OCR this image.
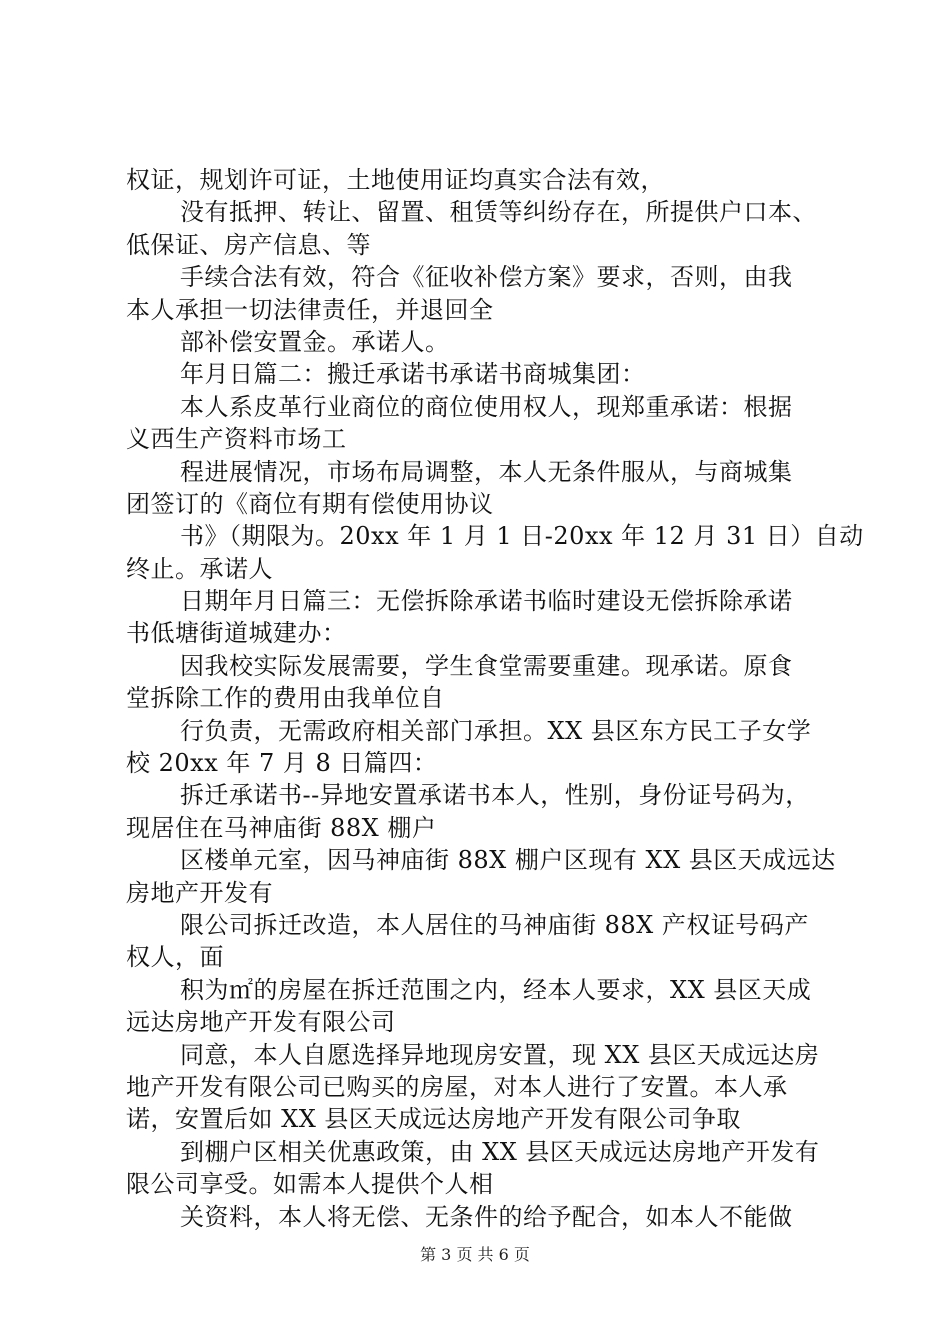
权证，规划许可证，土地使用证均真实合法有效，
没有抵押、转让、留置、租赁等纠纷存在，所提供户口本、
低保证、房产信息、等
手续合法有效，符合《征收补偿方案》要求，否则，由我
本人承担一切法律责任，并退回全
部补偿安置金。承诺人。
年月日篇二：搬迁承诺书承诺书商城集团：
本人系皮革行业商位的商位使用权人，现郑重承诺：根据
义西生产资料市场工
程进展情况，市场布局调整，本人无条件服从，与商城集
团签订的《商位有期有偿使用协议
书》（期限为。20xx 年 1 月 1 日-20xx 年 12 月 31 日）自动
终止。承诺人
日期年月日篇三：无偿拆除承诺书临时建设无偿拆除承诺
书低塘街道城建办：
因我校实际发展需要，学生食堂需要重建。现承诺。原食
堂拆除工作的费用由我单位自
行负责，无需政府相关部门承担。XX 县区东方民工子女学
校 20xx 年 7 月 8 日篇四：
拆迁承诺书--异地安置承诺书本人，性别，身份证号码为，
现居住在马神庙街 88X 棚户
区楼单元室，因马神庙街 88X 棚户区现有 XX 县区天成远达
房地产开发有
限公司拆迁改造，本人居住的马神庙街 88X 产权证号码产
权人，面
积为㎡的房屋在拆迁范围之内，经本人要求，XX 县区天成
远达房地产开发有限公司
同意，本人自愿选择异地现房安置，现 XX 县区天成远达房
地产开发有限公司已购买的房屋，对本人进行了安置。本人承
诺，安置后如 XX 县区天成远达房地产开发有限公司争取
到棚户区相关优惠政策，由 XX 县区天成远达房地产开发有
限公司享受。如需本人提供个人相
关资料，本人将无偿、无条件的给予配合，如本人不能做
第 3 页 共 6 页
